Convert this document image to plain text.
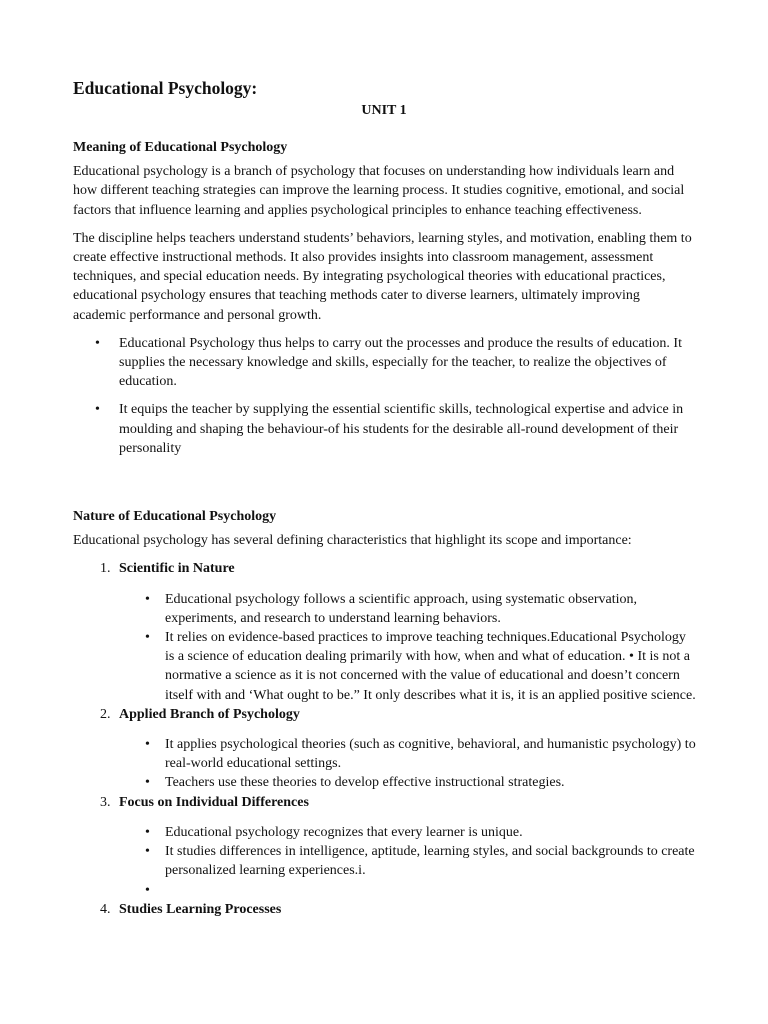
Educational Psychology:
UNIT 1
Meaning of Educational Psychology

Educational psychology is a branch of psychology that focuses on understanding how individuals learn and how different teaching strategies can improve the learning process. It studies cognitive, emotional, and social factors that influence learning and applies psychological principles to enhance teaching effectiveness.

The discipline helps teachers understand students’ behaviors, learning styles, and motivation, enabling them to create effective instructional methods. It also provides insights into classroom management, assessment techniques, and special education needs. By integrating psychological theories with educational practices, educational psychology ensures that teaching methods cater to diverse learners, ultimately improving academic performance and personal growth.

• Educational Psychology thus helps to carry out the processes and produce the results of education. It supplies the necessary knowledge and skills, especially for the teacher, to realize the objectives of education.
• It equips the teacher by supplying the essential scientific skills, technological expertise and advice in moulding and shaping the behaviour-of his students for the desirable all-round development of their personality
Nature of Educational Psychology

Educational psychology has several defining characteristics that highlight its scope and importance:

1. Scientific in Nature
• Educational psychology follows a scientific approach, using systematic observation, experiments, and research to understand learning behaviors.
• It relies on evidence-based practices to improve teaching techniques.Educational Psychology is a science of education dealing primarily with how, when and what of education. • It is not a normative a science as it is not concerned with the value of educational and doesn’t concern itself with and ‘What ought to be.” It only describes what it is, it is an applied positive science.
2. Applied Branch of Psychology
• It applies psychological theories (such as cognitive, behavioral, and humanistic psychology) to real-world educational settings.
• Teachers use these theories to develop effective instructional strategies.
3. Focus on Individual Differences
• Educational psychology recognizes that every learner is unique.
• It studies differences in intelligence, aptitude, learning styles, and social backgrounds to create personalized learning experiences.i.
•
4. Studies Learning Processes
